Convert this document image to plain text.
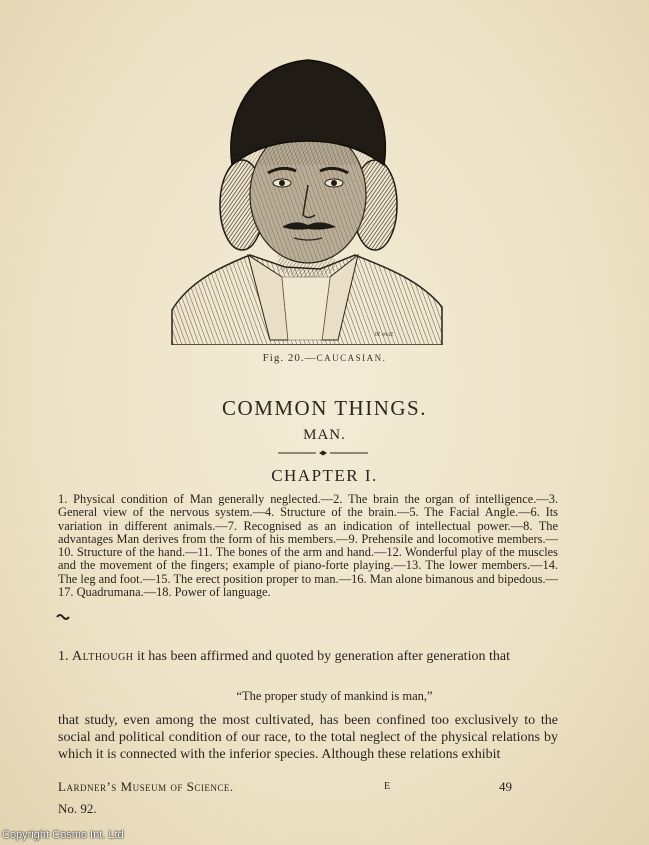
ᴰᴱ ˢᴬᴸᴸᴱ
Fig. 20.—CAUCASIAN.
COMMON THINGS.
MAN.
CHAPTER I.

1. Physical condition of Man generally neglected.—2. The brain the organ of intelligence.—3. General view of the nervous system.—4. Structure of the brain.—5. The Facial Angle.—6. Its variation in different animals.—7. Recognised as an indication of intellectual power.—8. The advantages Man derives from the form of his members.—9. Prehensile and locomotive members.—10. Structure of the hand.—11. The bones of the arm and hand.—12. Wonderful play of the muscles and the movement of the fingers; example of piano-forte playing.—13. The lower members.—14. The leg and foot.—15. The erect position proper to man.—16. Man alone bimanous and bipedous.—17. Quadrumana.—18. Power of language.

1. Although it has been affirmed and quoted by generation after generation that
“The proper study of mankind is man,”
that study, even among the most cultivated, has been confined too exclusively to the social and political condition of our race, to the total neglect of the physical relations by which it is connected with the inferior species. Although these relations exhibit
Lardner’s Museum of Science.	E	49
No. 92.
Copyright Cosmo Int. Ltd
